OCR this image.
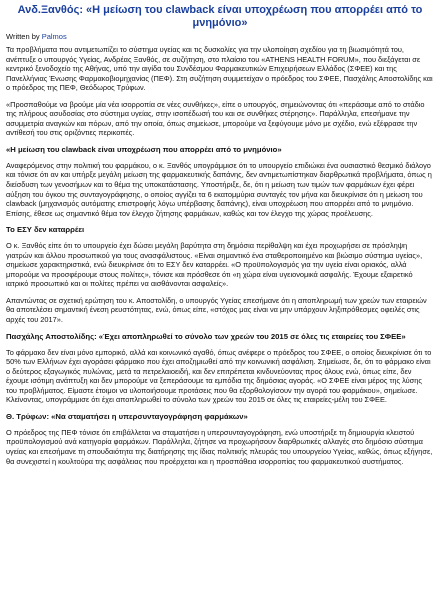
Ανδ.Ξανθός: «Η μείωση του clawback είναι υποχρέωση που απορρέει από το μνημόνιο»
Written by Palmos

Τα προβλήματα που αντιμετωπίζει το σύστημα υγείας και τις δυσκολίες για την υλοποίηση σχεδίου για τη βιωσιμότητά του, ανέπτυξε ο υπουργός Υγείας, Ανδρέας Ξανθός, σε συζήτηση, στο πλαίσιο του «ATHENS HEALTH FORUM», που διεξάγεται σε κεντρικό ξενοδοχείο της Αθήνας, υπό την αιγίδα του Συνδέσμου Φαρμακευτικών Επιχειρήσεων Ελλάδος (ΣΦΕΕ) και της Πανελλήνιας Ένωσης Φαρμακοβιομηχανίας (ΠΕΦ). Στη συζήτηση συμμετείχαν ο πρόεδρος του ΣΦΕΕ, Πασχάλης Αποστολίδης και ο πρόεδρος της ΠΕΦ, Θεόδωρος Τρύφων.

«Προσπαθούμε να βρούμε μία νέα ισορροπία σε νέες συνθήκες», είπε ο υπουργός, σημειώνοντας ότι «περάσαμε από το στάδιο της πλήρους ασυδοσίας στο σύστημα υγείας, στην ισοπέδωσή του και σε συνθήκες στέρησης». Παράλληλα, επεσήμανε την ασυμμετρία αναγκών και πόρων, από την οποία, όπως σημείωσε, μπορούμε να ξεφύγουμε μόνο με σχέδιο, ενώ εξέφρασε την αντίθεσή του στις οριζόντιες περικοπές.

«Η μείωση του clawback είναι υποχρέωση που απορρέει από το μνημόνιο»

Αναφερόμενος στην πολιτική του φαρμάκου, ο κ. Ξανθός υπογράμμισε ότι το υπουργείο επιδιώκει ένα ουσιαστικό θεσμικό διάλογο και τόνισε ότι αν και υπήρξε μεγάλη μείωση της φαρμακευτικής δαπάνης, δεν αντιμετωπίστηκαν διαρθρωτικά προβλήματα, όπως η διείσδυση των γενοσήμων και το θέμα της υποκατάστασης. Υποστήριξε, δε, ότι η μείωση των τιμών των φαρμάκων έχει φέρει αύξηση του όγκου της συνταγογράφησης, ο οποίος αγγίζει τα 6 εκατομμύρια συνταγές τον μήνα και διευκρίνισε ότι η μείωση του clawback (μηχανισμός αυτόματης επιστροφής λόγω υπέρβασης δαπάνης), είναι υποχρέωση που απορρέει από το μνημόνιο. Επίσης, έθεσε ως σημαντικό θέμα τον έλεγχο ζήτησης φαρμάκων, καθώς και τον έλεγχο της χώρας προέλευσης.

Το ΕΣΥ δεν καταρρέει

Ο κ. Ξανθός είπε ότι το υπουργείο έχει δώσει μεγάλη βαρύτητα στη δημόσια περίθαλψη και έχει προχωρήσει σε πρόσληψη γιατρών και άλλου προσωπικού για τους ανασφάλιστους. «Είναι σημαντικό ένα σταθεροποιημένο και βιώσιμο σύστημα υγείας», σημείωσε χαρακτηριστικά, ενώ διευκρίνισε ότι το ΕΣΥ δεν καταρρέει. «Ο προϋπολογισμός για την υγεία είναι οριακός, αλλά μπορούμε να προσφέρουμε στους πολίτες», τόνισε και πρόσθεσε ότι «η χώρα είναι υγειονομικά ασφαλής. Έχουμε εξαιρετικό ιατρικό προσωπικό και οι πολίτες πρέπει να αισθάνονται ασφαλείς».

Απαντώντας σε σχετική ερώτηση του κ. Αποστολίδη, ο υπουργός Υγείας επεσήμανε ότι η αποπληρωμή των χρεών των εταιρειών θα αποτελέσει σημαντική ένεση ρευστότητας, ενώ, όπως είπε, «στόχος μας είναι να μην υπάρχουν ληξιπρόθεσμες οφειλές στις αρχές του 2017».

Πασχάλης Αποστολίδης: «Έχει αποπληρωθεί το σύνολο των χρεών του 2015 σε όλες τις εταιρείες του ΣΦΕΕ»

Το φάρμακο δεν είναι μόνο εμπορικό, αλλά και κοινωνικό αγαθό, όπως ανέφερε ο πρόεδρος του ΣΦΕΕ, ο οποίος διευκρίνισε ότι το 50% των Ελλήνων έχει αγοράσει φάρμακο που έχει αποζημιωθεί από την κοινωνική ασφάλιση. Σημείωσε, δε, ότι το φάρμακο είναι ο δεύτερος εξαγωγικός πυλώνας, μετά τα πετρελαιοειδή, και δεν επιτρέπεται κινδυνεύοντας προς όλους ενώ, όπως είπε, δεν έχουμε ισότιμη ανάπτυξη και δεν μπορούμε να ξεπεράσουμε τα εμπόδια της δημόσιας αγοράς. «Ο ΣΦΕΕ είναι μέρος της λύσης του προβλήματος. Είμαστε έτοιμοι να υλοποιήσουμε προτάσεις που θα εξορθολογίσουν την αγορά του φαρμάκου», σημείωσε. Κλείνοντας, υπογράμμισε ότι έχει αποπληρωθεί το σύνολο των χρεών του 2015 σε όλες τις εταιρείες-μέλη του ΣΦΕΕ.

Θ. Τρύφων: «Να σταματήσει η υπερσυνταγογράφηση φαρμάκων»

Ο πρόεδρος της ΠΕΦ τόνισε ότι επιβάλλεται να σταματήσει η υπερσυνταγογράφηση, ενώ υποστήριξε τη δημιουργία κλειστού προϋπολογισμού ανά κατηγορία φαρμάκων. Παράλληλα, ζήτησε να προχωρήσουν διαρθρωτικές αλλαγές στο δημόσιο σύστημα υγείας και επεσήμανε τη σπουδαιότητα της διατήρησης της ίδιας πολιτικής πλευράς του υπουργείου Υγείας, καθώς, όπως εξήγησε, θα συνεχιστεί η κουλτούρα της ασφάλειας που προέρχεται και η προσπάθεια ισορροπίας του φαρμακευτικού συστήματος.
